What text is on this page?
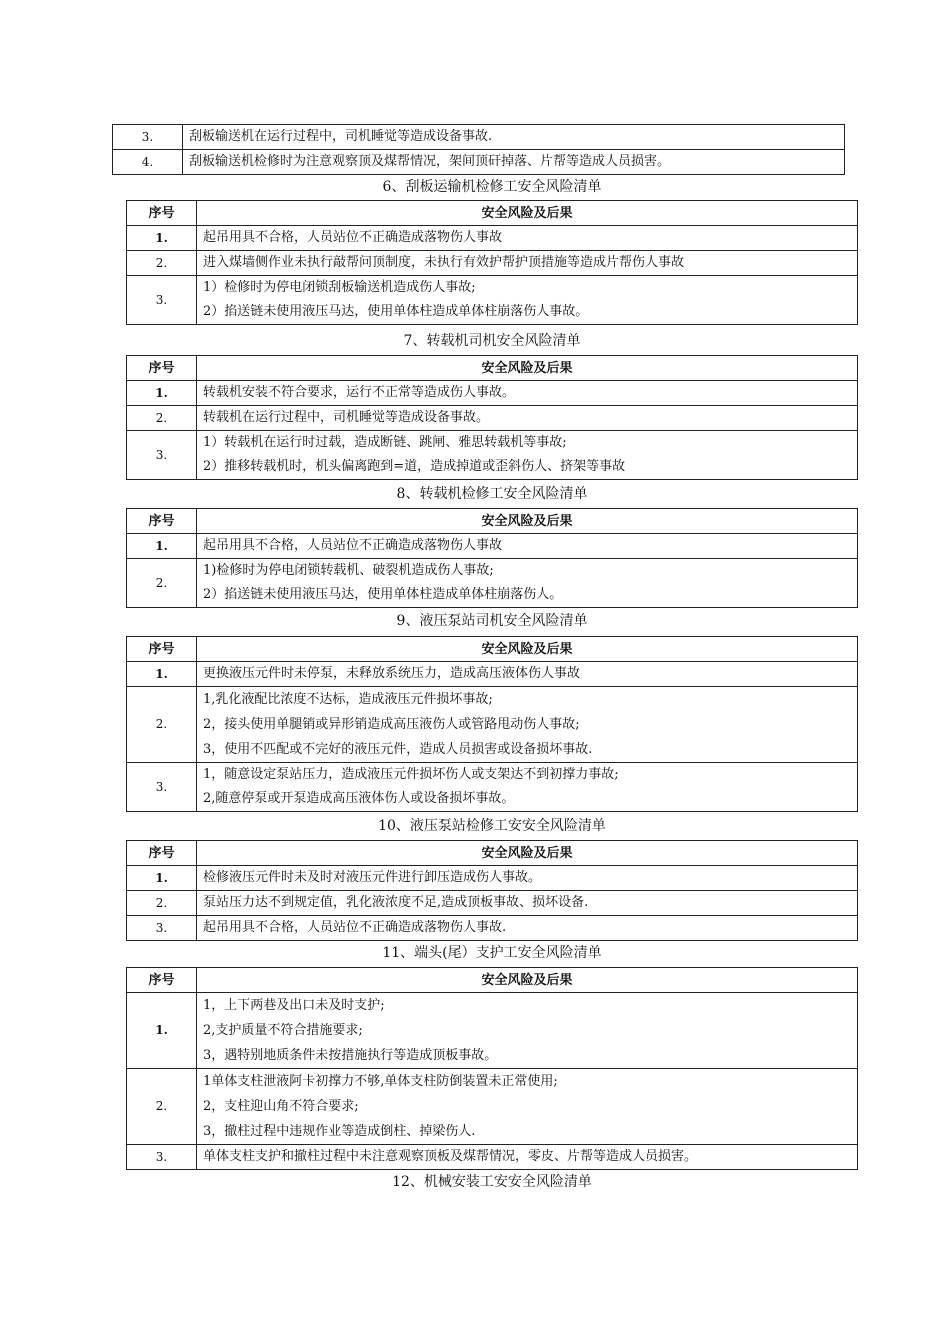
3.	刮板输送机在运行过程中，司机睡觉等造成设备事故.

4.	刮板输送机检修时为注意观察顶及煤帮情况，架间顶矸掉落、片帮等造成人员损害。
6、刮板运输机检修工安全风险清单
序号	安全风险及后果
1.	起吊用具不合格，人员站位不正确造成落物伤人事故

2.	进入煤墙侧作业未执行敲帮问顶制度，未执行有效护帮护顶措施等造成片帮伤人事故

3.	1）检修时为停电闭锁刮板输送机造成伤人事故;
2）掐送链未使用液压马达，使用单体柱造成单体柱崩落伤人事故。
7、转载机司机安全风险清单
序号	安全风险及后果
1.	转载机安装不符合要求，运行不正常等造成伤人事故。

2.	转载机在运行过程中，司机睡觉等造成设备事故。

3.	1）转载机在运行时过载，造成断链、跳闸、雅思转载机等事故;
2）推移转载机时，机头偏离跑到=道，造成掉道或歪斜伤人、挤架等事故
8、转载机检修工安全风险清单
序号	安全风险及后果
1.	起吊用具不合格，人员站位不正确造成落物伤人事故

2.	1)检修时为停电闭锁转载机、破裂机造成伤人事故;
2）掐送链未使用液压马达，使用单体柱造成单体柱崩落伤人。
9、液压泵站司机安全风险清单
序号	安全风险及后果
1.	更换液压元件时未停泵，未释放系统压力，造成高压液体伤人事故

2.	1,乳化液配比浓度不达标，造成液压元件损坏事故;
2，接头使用单腿销或异形销造成高压液伤人或管路甩动伤人事故;
3，使用不匹配或不完好的液压元件，造成人员损害或设备损坏事故.

3.	1，随意设定泵站压力，造成液压元件损坏伤人或支架达不到初撑力事故;
2,随意停泵或开泵造成高压液体伤人或设备损坏事故。
10、液压泵站检修工安安全风险清单
序号	安全风险及后果
1.	检修液压元件时未及时对液压元件进行卸压造成伤人事故。

2.	泵站压力达不到规定值，乳化液浓度不足,造成顶板事故、损坏设备.

3.	起吊用具不合格，人员站位不正确造成落物伤人事故.
11、端头(尾）支护工安全风险清单
序号	安全风险及后果
1.	1，上下两巷及出口未及时支护;
2,支护质量不符合措施要求;
3，遇特别地质条件未按措施执行等造成顶板事故。

2.	1单体支柱泄液阿卡初撑力不够,单体支柱防倒装置未正常使用;
2，支柱迎山角不符合要求;
3，撤柱过程中违规作业等造成倒柱、掉梁伤人.

3.	单体支柱支护和撤柱过程中未注意观察顶板及煤帮情况，零皮、片帮等造成人员损害。
12、机械安装工安安全风险清单
